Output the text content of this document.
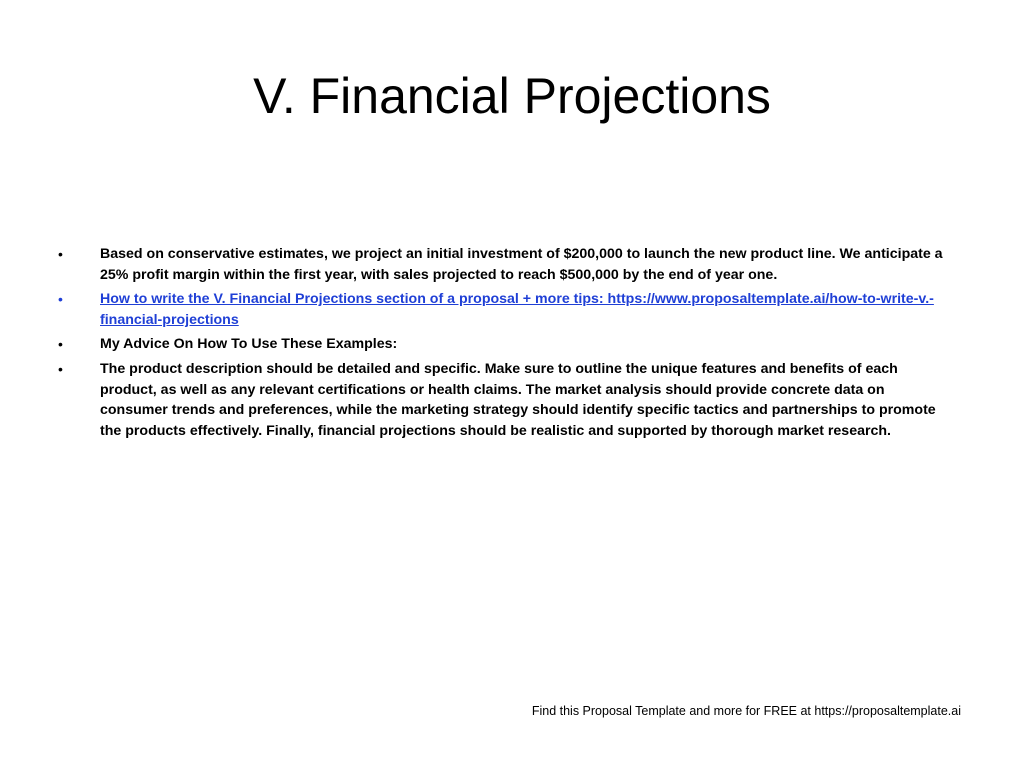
V. Financial Projections
•	Based on conservative estimates, we project an initial investment of $200,000 to launch the new product line. We anticipate a 25% profit margin within the first year, with sales projected to reach $500,000 by the end of year one.
•	How to write the V. Financial Projections section of a proposal + more tips: https://www.proposaltemplate.ai/how-to-write-v.-financial-projections
•	My Advice On How To Use These Examples:
•	The product description should be detailed and specific. Make sure to outline the unique features and benefits of each product, as well as any relevant certifications or health claims. The market analysis should provide concrete data on consumer trends and preferences, while the marketing strategy should identify specific tactics and partnerships to promote the products effectively. Finally, financial projections should be realistic and supported by thorough market research.
Find this Proposal Template and more for FREE at https://proposaltemplate.ai
